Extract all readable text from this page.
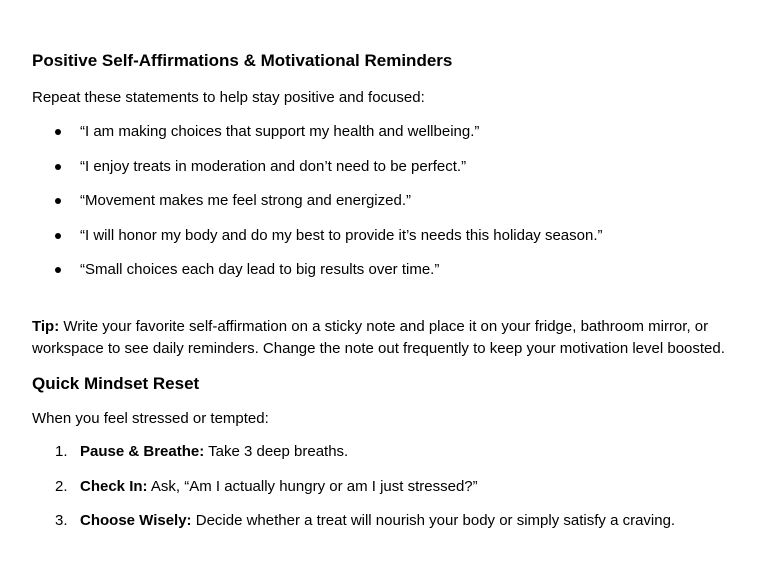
Positive Self-Affirmations & Motivational Reminders

Repeat these statements to help stay positive and focused:

“I am making choices that support my health and wellbeing.”
“I enjoy treats in moderation and don’t need to be perfect.”
“Movement makes me feel strong and energized.”
“I will honor my body and do my best to provide it’s needs this holiday season.”
“Small choices each day lead to big results over time.”

Tip: Write your favorite self-affirmation on a sticky note and place it on your fridge, bathroom mirror, or workspace to see daily reminders. Change the note out frequently to keep your motivation level boosted.

Quick Mindset Reset

When you feel stressed or tempted:

1. Pause & Breathe: Take 3 deep breaths.
2. Check In: Ask, “Am I actually hungry or am I just stressed?”
3. Choose Wisely: Decide whether a treat will nourish your body or simply satisfy a craving.
